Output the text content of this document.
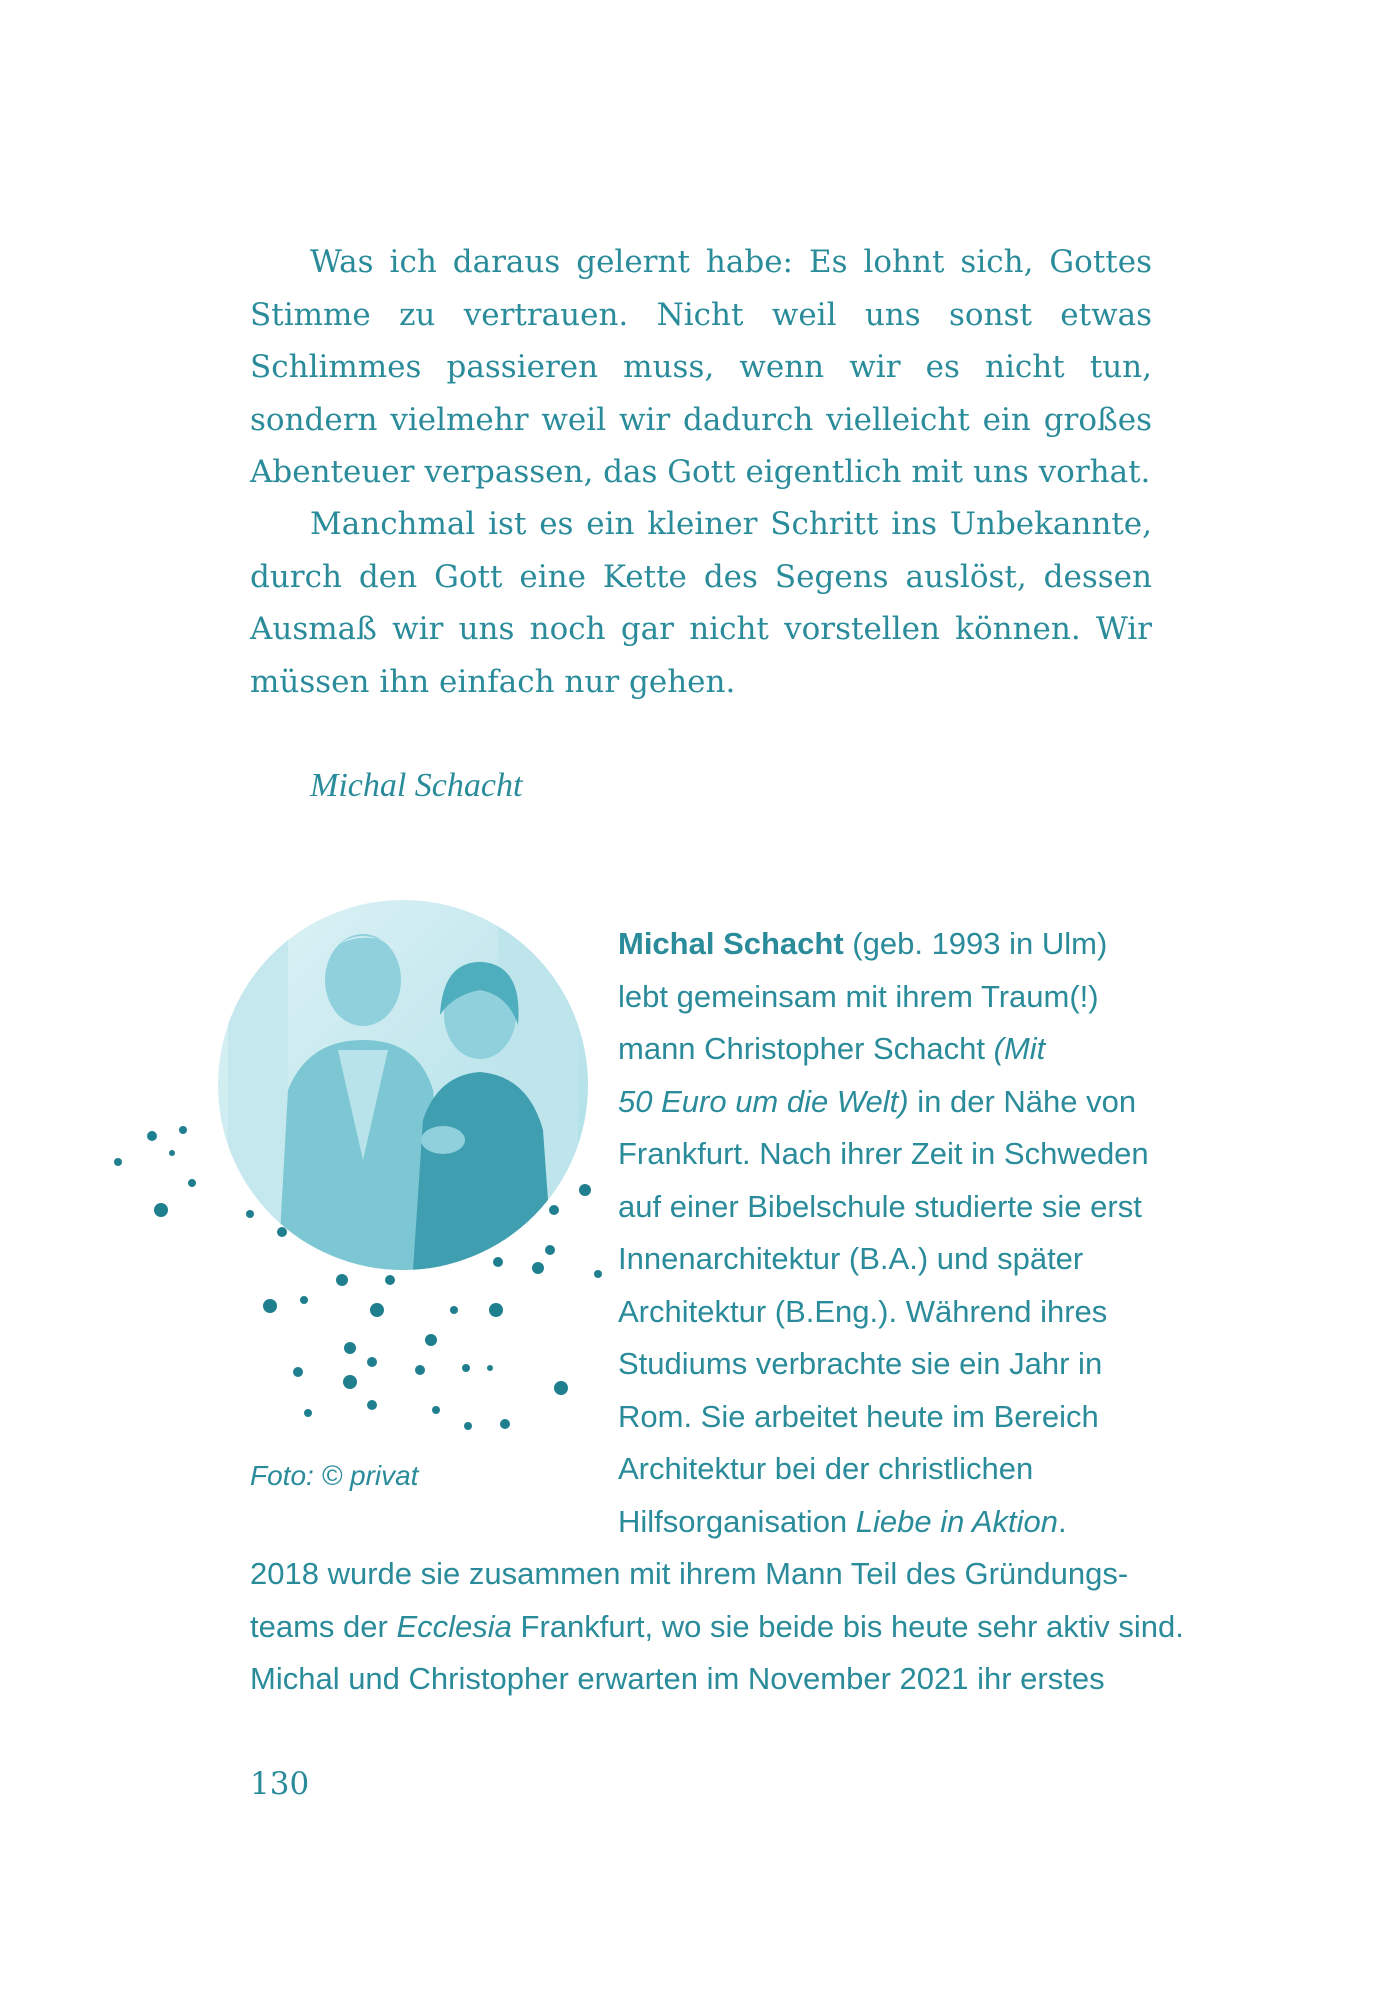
Was ich daraus gelernt habe: Es lohnt sich, Gottes Stimme zu vertrauen. Nicht weil uns sonst etwas Schlimmes passieren muss, wenn wir es nicht tun, sondern vielmehr weil wir dadurch vielleicht ein großes Abenteuer verpassen, das Gott eigentlich mit uns vorhat.

Manchmal ist es ein kleiner Schritt ins Unbekannte, durch den Gott eine Kette des Segens auslöst, dessen Ausmaß wir uns noch gar nicht vorstellen können. Wir müssen ihn einfach nur gehen.

Michal Schacht
Foto: © privat
Michal Schacht (geb. 1993 in Ulm)
lebt gemeinsam mit ihrem Traum(!)
mann Christopher Schacht (Mit
50 Euro um die Welt) in der Nähe von
Frankfurt. Nach ihrer Zeit in Schweden
auf einer Bibelschule studierte sie erst
Innenarchitektur (B.A.) und später
Architektur (B.Eng.). Während ihres
Studiums verbrachte sie ein Jahr in
Rom. Sie arbeitet heute im Bereich
Architektur bei der christlichen
Hilfsorganisation Liebe in Aktion.
2018 wurde sie zusammen mit ihrem Mann Teil des Gründungs-
teams der Ecclesia Frankfurt, wo sie beide bis heute sehr aktiv sind.
Michal und Christopher erwarten im November 2021 ihr erstes
130
